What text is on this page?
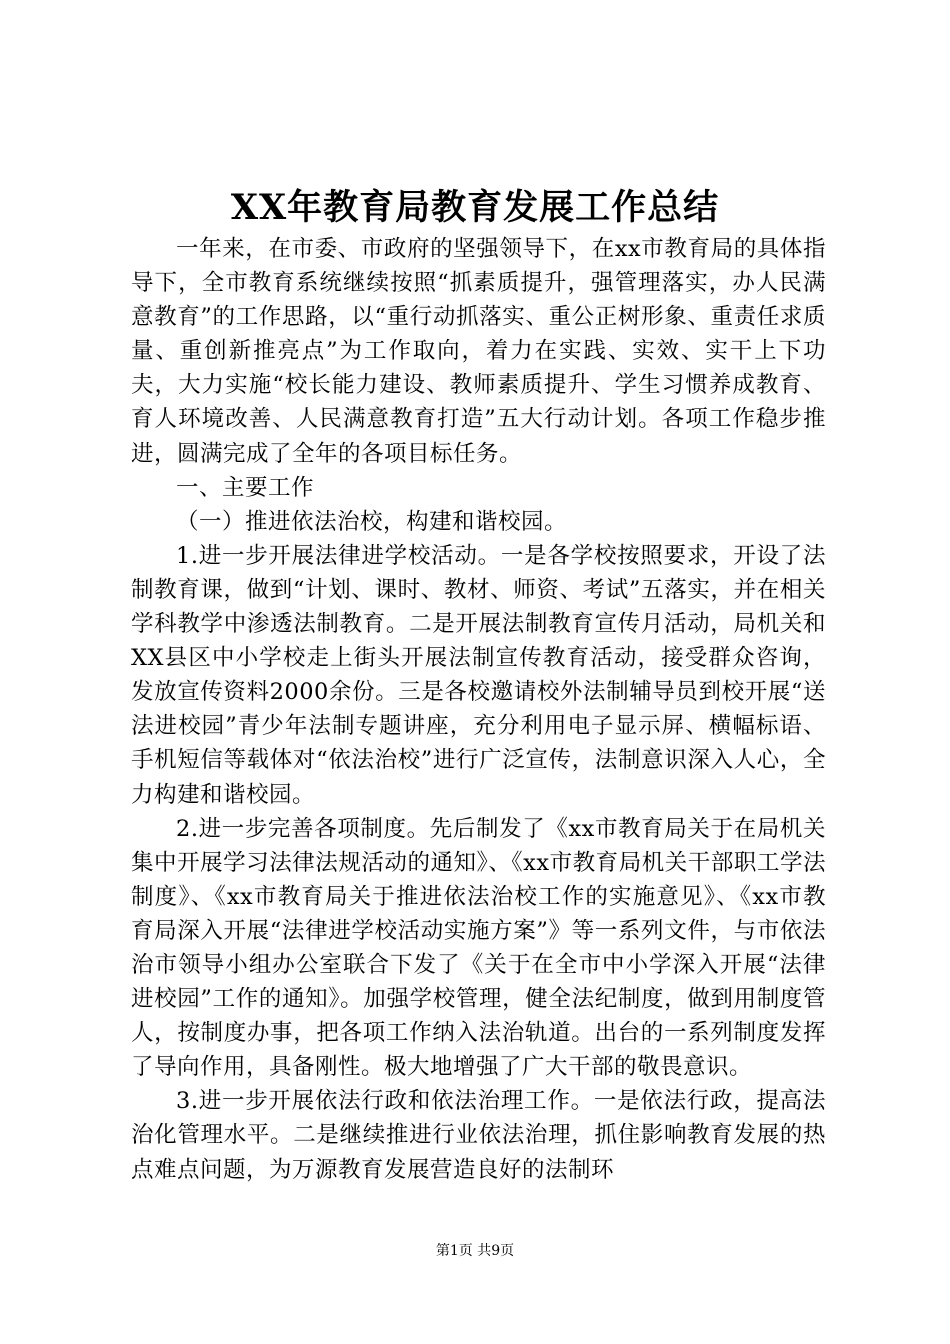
XX年教育局教育发展工作总结

一年来，在市委、市政府的坚强领导下，在xx市教育局的具体指导下，全市教育系统继续按照“抓素质提升，强管理落实，办人民满意教育”的工作思路，以“重行动抓落实、重公正树形象、重责任求质量、重创新推亮点”为工作取向，着力在实践、实效、实干上下功夫，大力实施“校长能力建设、教师素质提升、学生习惯养成教育、育人环境改善、人民满意教育打造”五大行动计划。各项工作稳步推进，圆满完成了全年的各项目标任务。

一、主要工作

（一）推进依法治校，构建和谐校园。

1.进一步开展法律进学校活动。一是各学校按照要求，开设了法制教育课，做到“计划、课时、教材、师资、考试”五落实，并在相关学科教学中渗透法制教育。二是开展法制教育宣传月活动，局机关和XX县区中小学校走上街头开展法制宣传教育活动，接受群众咨询，发放宣传资料2000余份。三是各校邀请校外法制辅导员到校开展“送法进校园”青少年法制专题讲座，充分利用电子显示屏、横幅标语、手机短信等载体对“依法治校”进行广泛宣传，法制意识深入人心，全力构建和谐校园。

2.进一步完善各项制度。先后制发了《xx市教育局关于在局机关集中开展学习法律法规活动的通知》、《xx市教育局机关干部职工学法制度》、《xx市教育局关于推进依法治校工作的实施意见》、《xx市教育局深入开展“法律进学校活动实施方案”》等一系列文件，与市依法治市领导小组办公室联合下发了《关于在全市中小学深入开展“法律进校园”工作的通知》。加强学校管理，健全法纪制度，做到用制度管人，按制度办事，把各项工作纳入法治轨道。出台的一系列制度发挥了导向作用，具备刚性。极大地增强了广大干部的敬畏意识。

3.进一步开展依法行政和依法治理工作。一是依法行政，提高法治化管理水平。二是继续推进行业依法治理，抓住影响教育发展的热点难点问题，为万源教育发展营造良好的法制环

第1页 共9页
